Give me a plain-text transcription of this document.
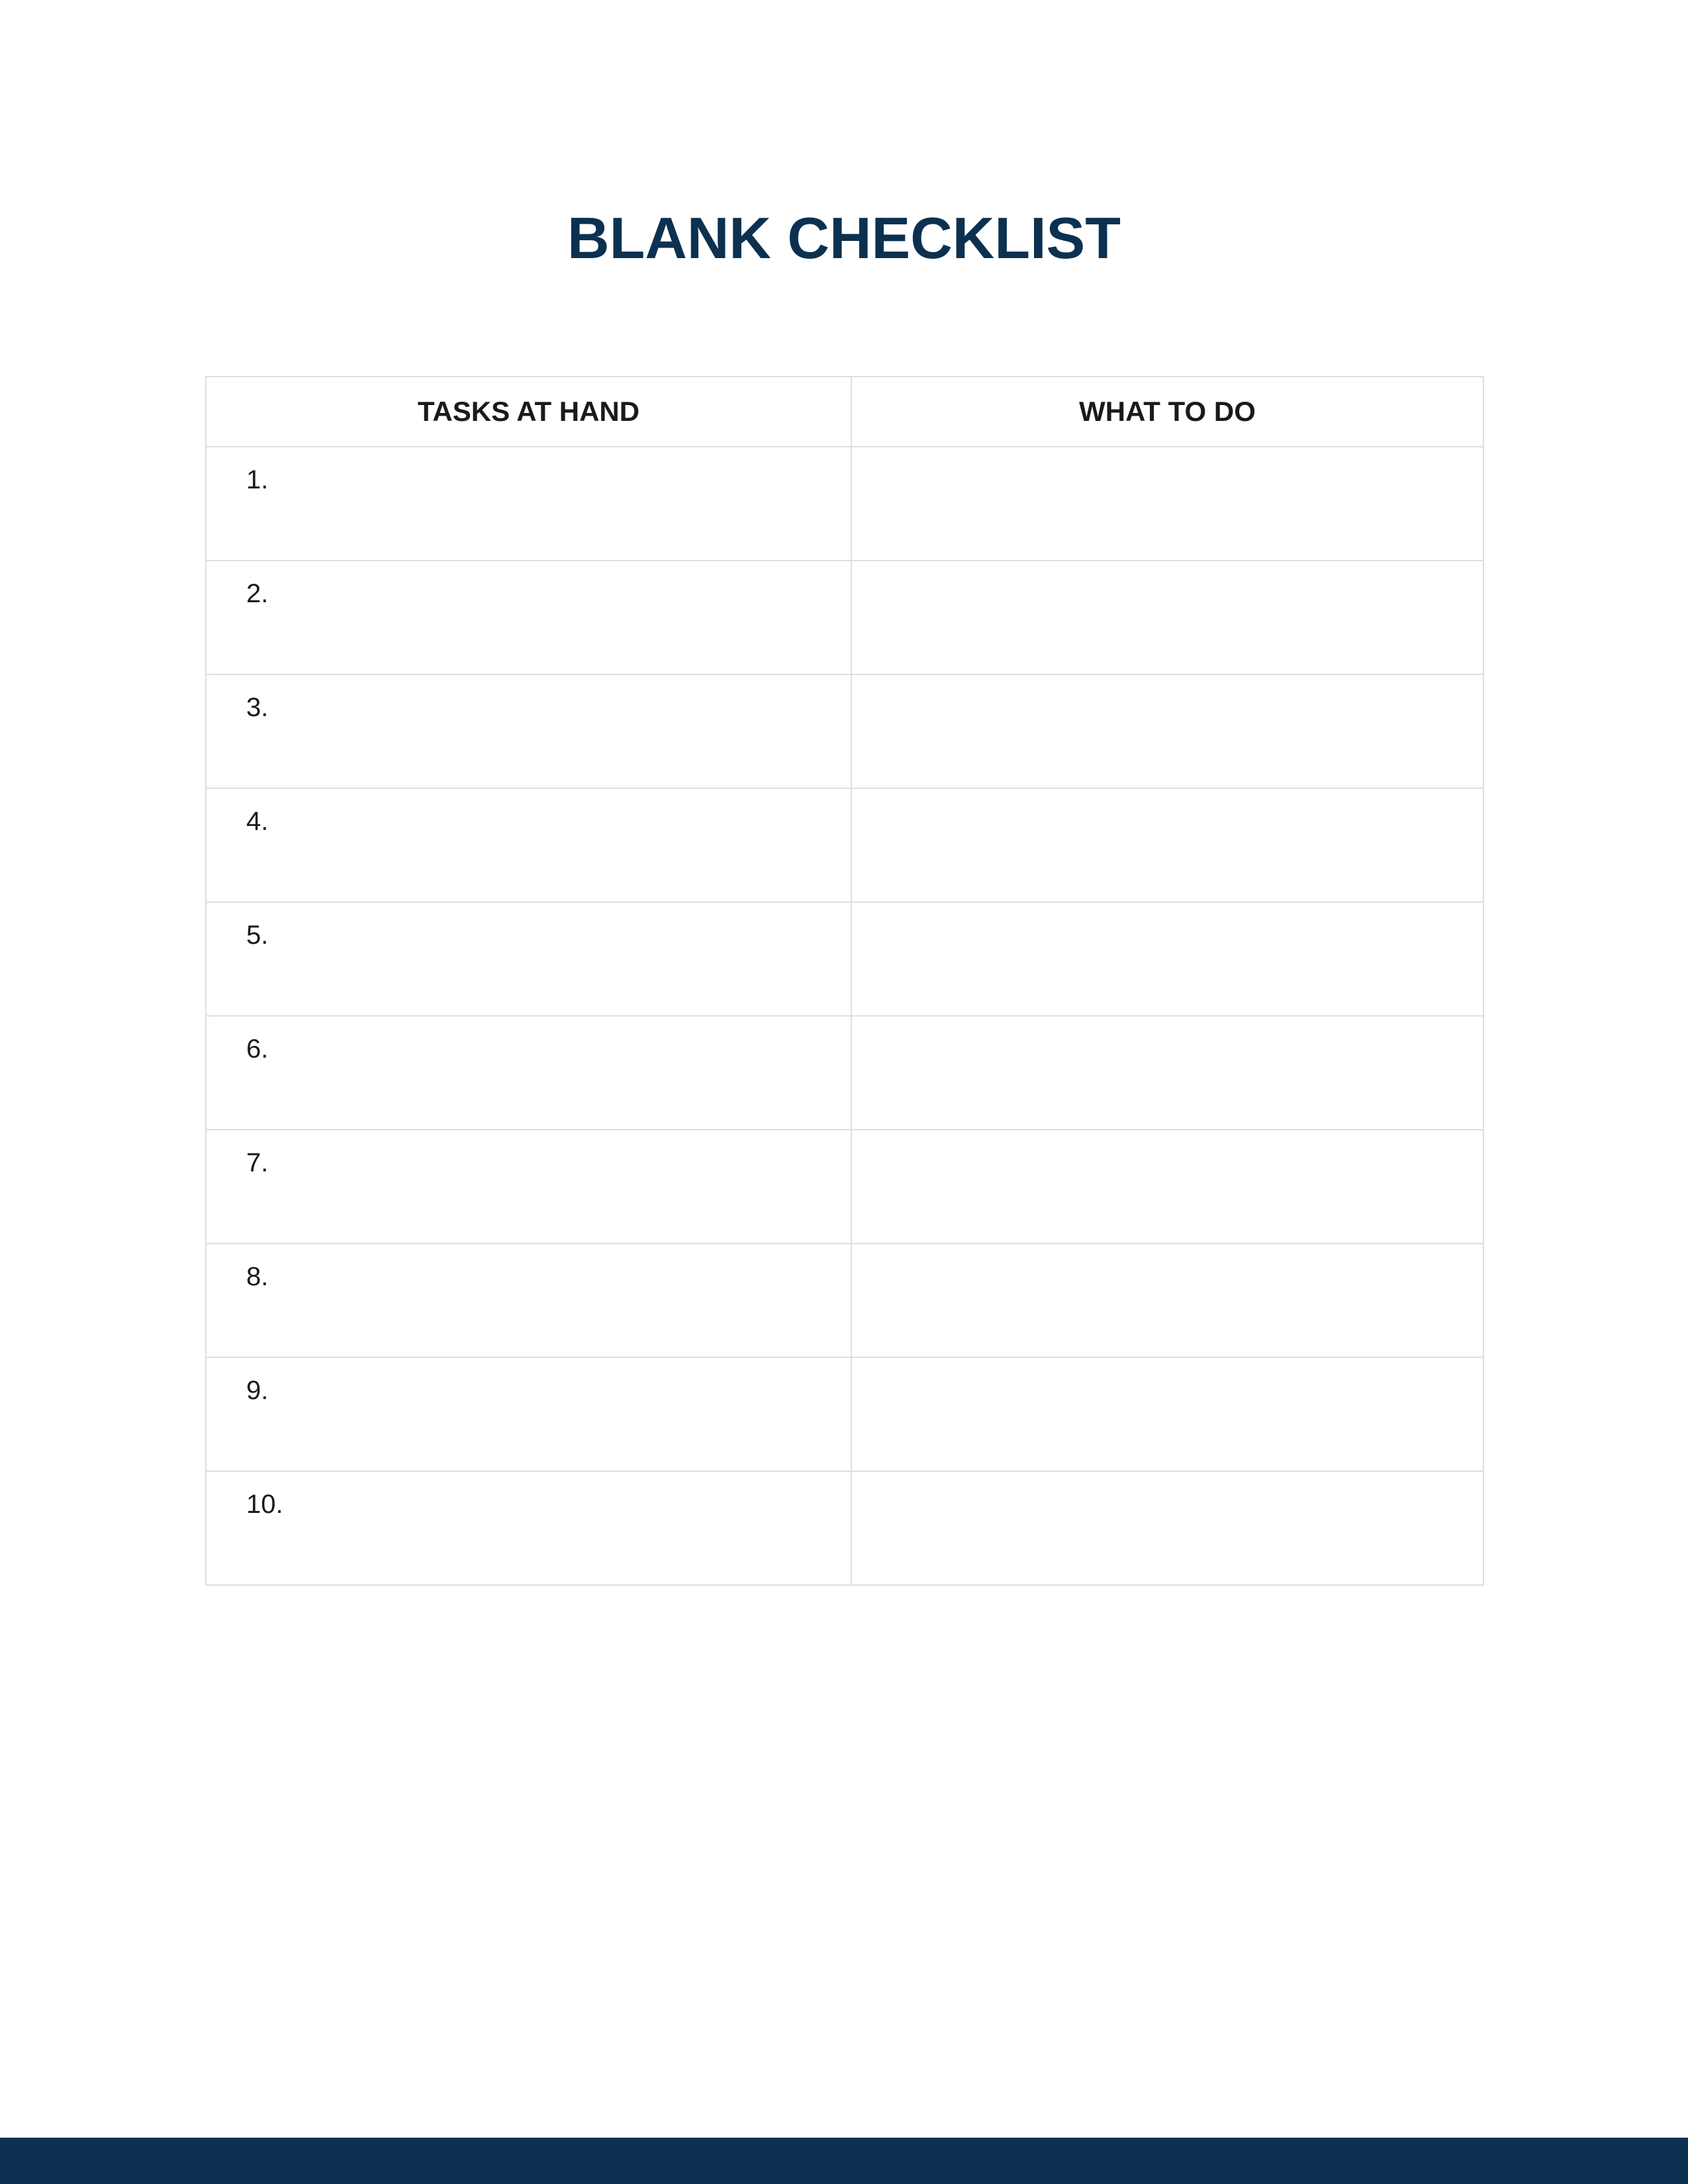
BLANK CHECKLIST
TASKS AT HAND	WHAT TO DO

1.	

2.	

3.	

4.	

5.	

6.	

7.	

8.	

9.	

10.	
